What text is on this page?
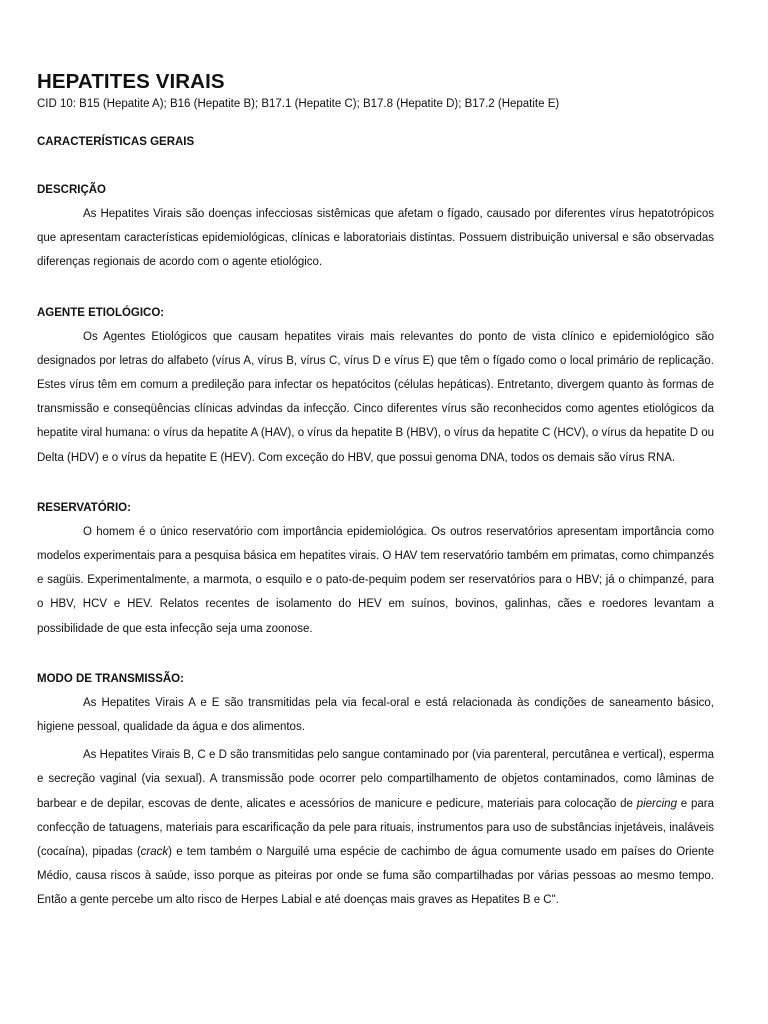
HEPATITES VIRAIS
CID 10: B15 (Hepatite A); B16 (Hepatite B); B17.1 (Hepatite C); B17.8 (Hepatite D); B17.2 (Hepatite E)
CARACTERÍSTICAS GERAIS
DESCRIÇÃO

As Hepatites Virais são doenças infecciosas sistêmicas que afetam o fígado, causado por diferentes vírus hepatotrópicos que apresentam características epidemiológicas, clínicas e laboratoriais distintas. Possuem distribuição universal e são observadas diferenças regionais de acordo com o agente etiológico.

AGENTE ETIOLÓGICO:

Os Agentes Etiológicos que causam hepatites virais mais relevantes do ponto de vista clínico e epidemiológico são designados por letras do alfabeto (vírus A, vírus B, vírus C, vírus D e vírus E) que têm o fígado como o local primário de replicação. Estes vírus têm em comum a predileção para infectar os hepatócitos (células hepáticas). Entretanto, divergem quanto às formas de transmissão e conseqüências clínicas advindas da infecção. Cinco diferentes vírus são reconhecidos como agentes etiológicos da hepatite viral humana: o vírus da hepatite A (HAV), o vírus da hepatite B (HBV), o vírus da hepatite C (HCV), o vírus da hepatite D ou Delta (HDV) e o vírus da hepatite E (HEV). Com exceção do HBV, que possui genoma DNA, todos os demais são vírus RNA.

RESERVATÓRIO:

O homem é o único reservatório com importância epidemiológica. Os outros reservatórios apresentam importância como modelos experimentais para a pesquisa básica em hepatites virais. O HAV tem reservatório também em primatas, como chimpanzés e sagüis. Experimentalmente, a marmota, o esquilo e o pato-de-pequim podem ser reservatórios para o HBV; já o chimpanzé, para o HBV, HCV e HEV. Relatos recentes de isolamento do HEV em suínos, bovinos, galinhas, cães e roedores levantam a possibilidade de que esta infecção seja uma zoonose.

MODO DE TRANSMISSÃO:

As Hepatites Virais A e E são transmitidas pela via fecal-oral e está relacionada às condições de saneamento básico, higiene pessoal, qualidade da água e dos alimentos.

As Hepatites Virais B, C e D são transmitidas pelo sangue contaminado por (via parenteral, percutânea e vertical), esperma e secreção vaginal (via sexual). A transmissão pode ocorrer pelo compartilhamento de objetos contaminados, como lâminas de barbear e de depilar, escovas de dente, alicates e acessórios de manicure e pedicure, materiais para colocação de piercing e para confecção de tatuagens, materiais para escarificação da pele para rituais, instrumentos para uso de substâncias injetáveis, inaláveis (cocaína), pipadas (crack) e tem também o Narguilé uma espécie de cachimbo de água comumente usado em países do Oriente Médio, causa riscos à saúde, isso porque as piteiras por onde se fuma são compartilhadas por várias pessoas ao mesmo tempo. Então a gente percebe um alto risco de Herpes Labial e até doenças mais graves as Hepatites B e C".
